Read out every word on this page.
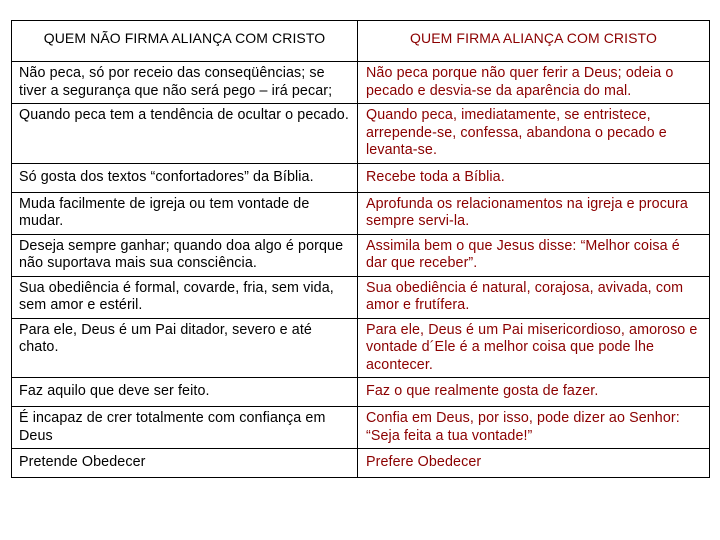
QUEM NÃO FIRMA ALIANÇA COM CRISTO	QUEM FIRMA ALIANÇA COM CRISTO
Não peca, só por receio das conseqüências; se tiver a segurança que não será pego – irá pecar;	Não peca porque não quer ferir a Deus; odeia o pecado e desvia-se da aparência do mal.
Quando peca tem a tendência de ocultar o pecado.	Quando peca, imediatamente, se entristece, arrepende-se, confessa, abandona o pecado e levanta-se.
Só gosta dos textos “confortadores” da Bíblia.	Recebe toda a Bíblia.
Muda facilmente de igreja ou tem vontade de mudar.	Aprofunda os relacionamentos na igreja e procura sempre servi-la.
Deseja sempre ganhar; quando doa algo é porque não suportava mais sua consciência.	Assimila bem o que Jesus disse: “Melhor coisa é dar que receber”.
Sua obediência é formal, covarde, fria, sem vida, sem amor e estéril.	Sua obediência é natural, corajosa, avivada, com amor e frutífera.
Para ele, Deus é um Pai ditador, severo e até chato.	Para ele, Deus é um Pai misericordioso, amoroso e vontade d´Ele é a melhor coisa que pode lhe acontecer.
Faz aquilo que deve ser feito.	Faz o que realmente gosta de fazer.
É incapaz de crer totalmente com confiança em Deus	Confia em Deus, por isso, pode dizer ao Senhor: “Seja feita a tua vontade!”
Pretende Obedecer	Prefere Obedecer
